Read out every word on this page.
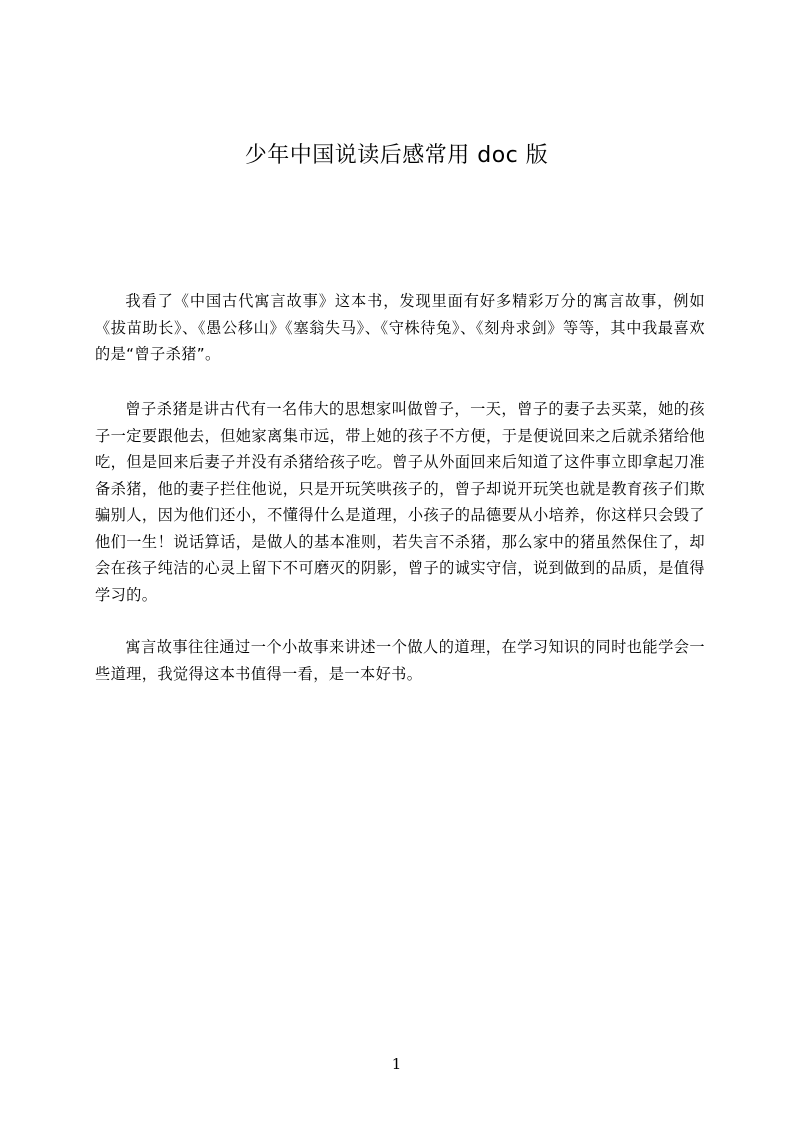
少年中国说读后感常用 doc 版

我看了《中国古代寓言故事》这本书，发现里面有好多精彩万分的寓言故事，例如《拔苗助长》、《愚公移山》《塞翁失马》、《守株待兔》、《刻舟求剑》等等，其中我最喜欢的是“曾子杀猪”。

曾子杀猪是讲古代有一名伟大的思想家叫做曾子，一天，曾子的妻子去买菜，她的孩子一定要跟他去，但她家离集市远，带上她的孩子不方便，于是便说回来之后就杀猪给他吃，但是回来后妻子并没有杀猪给孩子吃。曾子从外面回来后知道了这件事立即拿起刀准备杀猪，他的妻子拦住他说，只是开玩笑哄孩子的，曾子却说开玩笑也就是教育孩子们欺骗别人，因为他们还小，不懂得什么是道理，小孩子的品德要从小培养，你这样只会毁了他们一生！说话算话，是做人的基本准则，若失言不杀猪，那么家中的猪虽然保住了，却会在孩子纯洁的心灵上留下不可磨灭的阴影，曾子的诚实守信，说到做到的品质，是值得学习的。

寓言故事往往通过一个小故事来讲述一个做人的道理，在学习知识的同时也能学会一些道理，我觉得这本书值得一看，是一本好书。

1
